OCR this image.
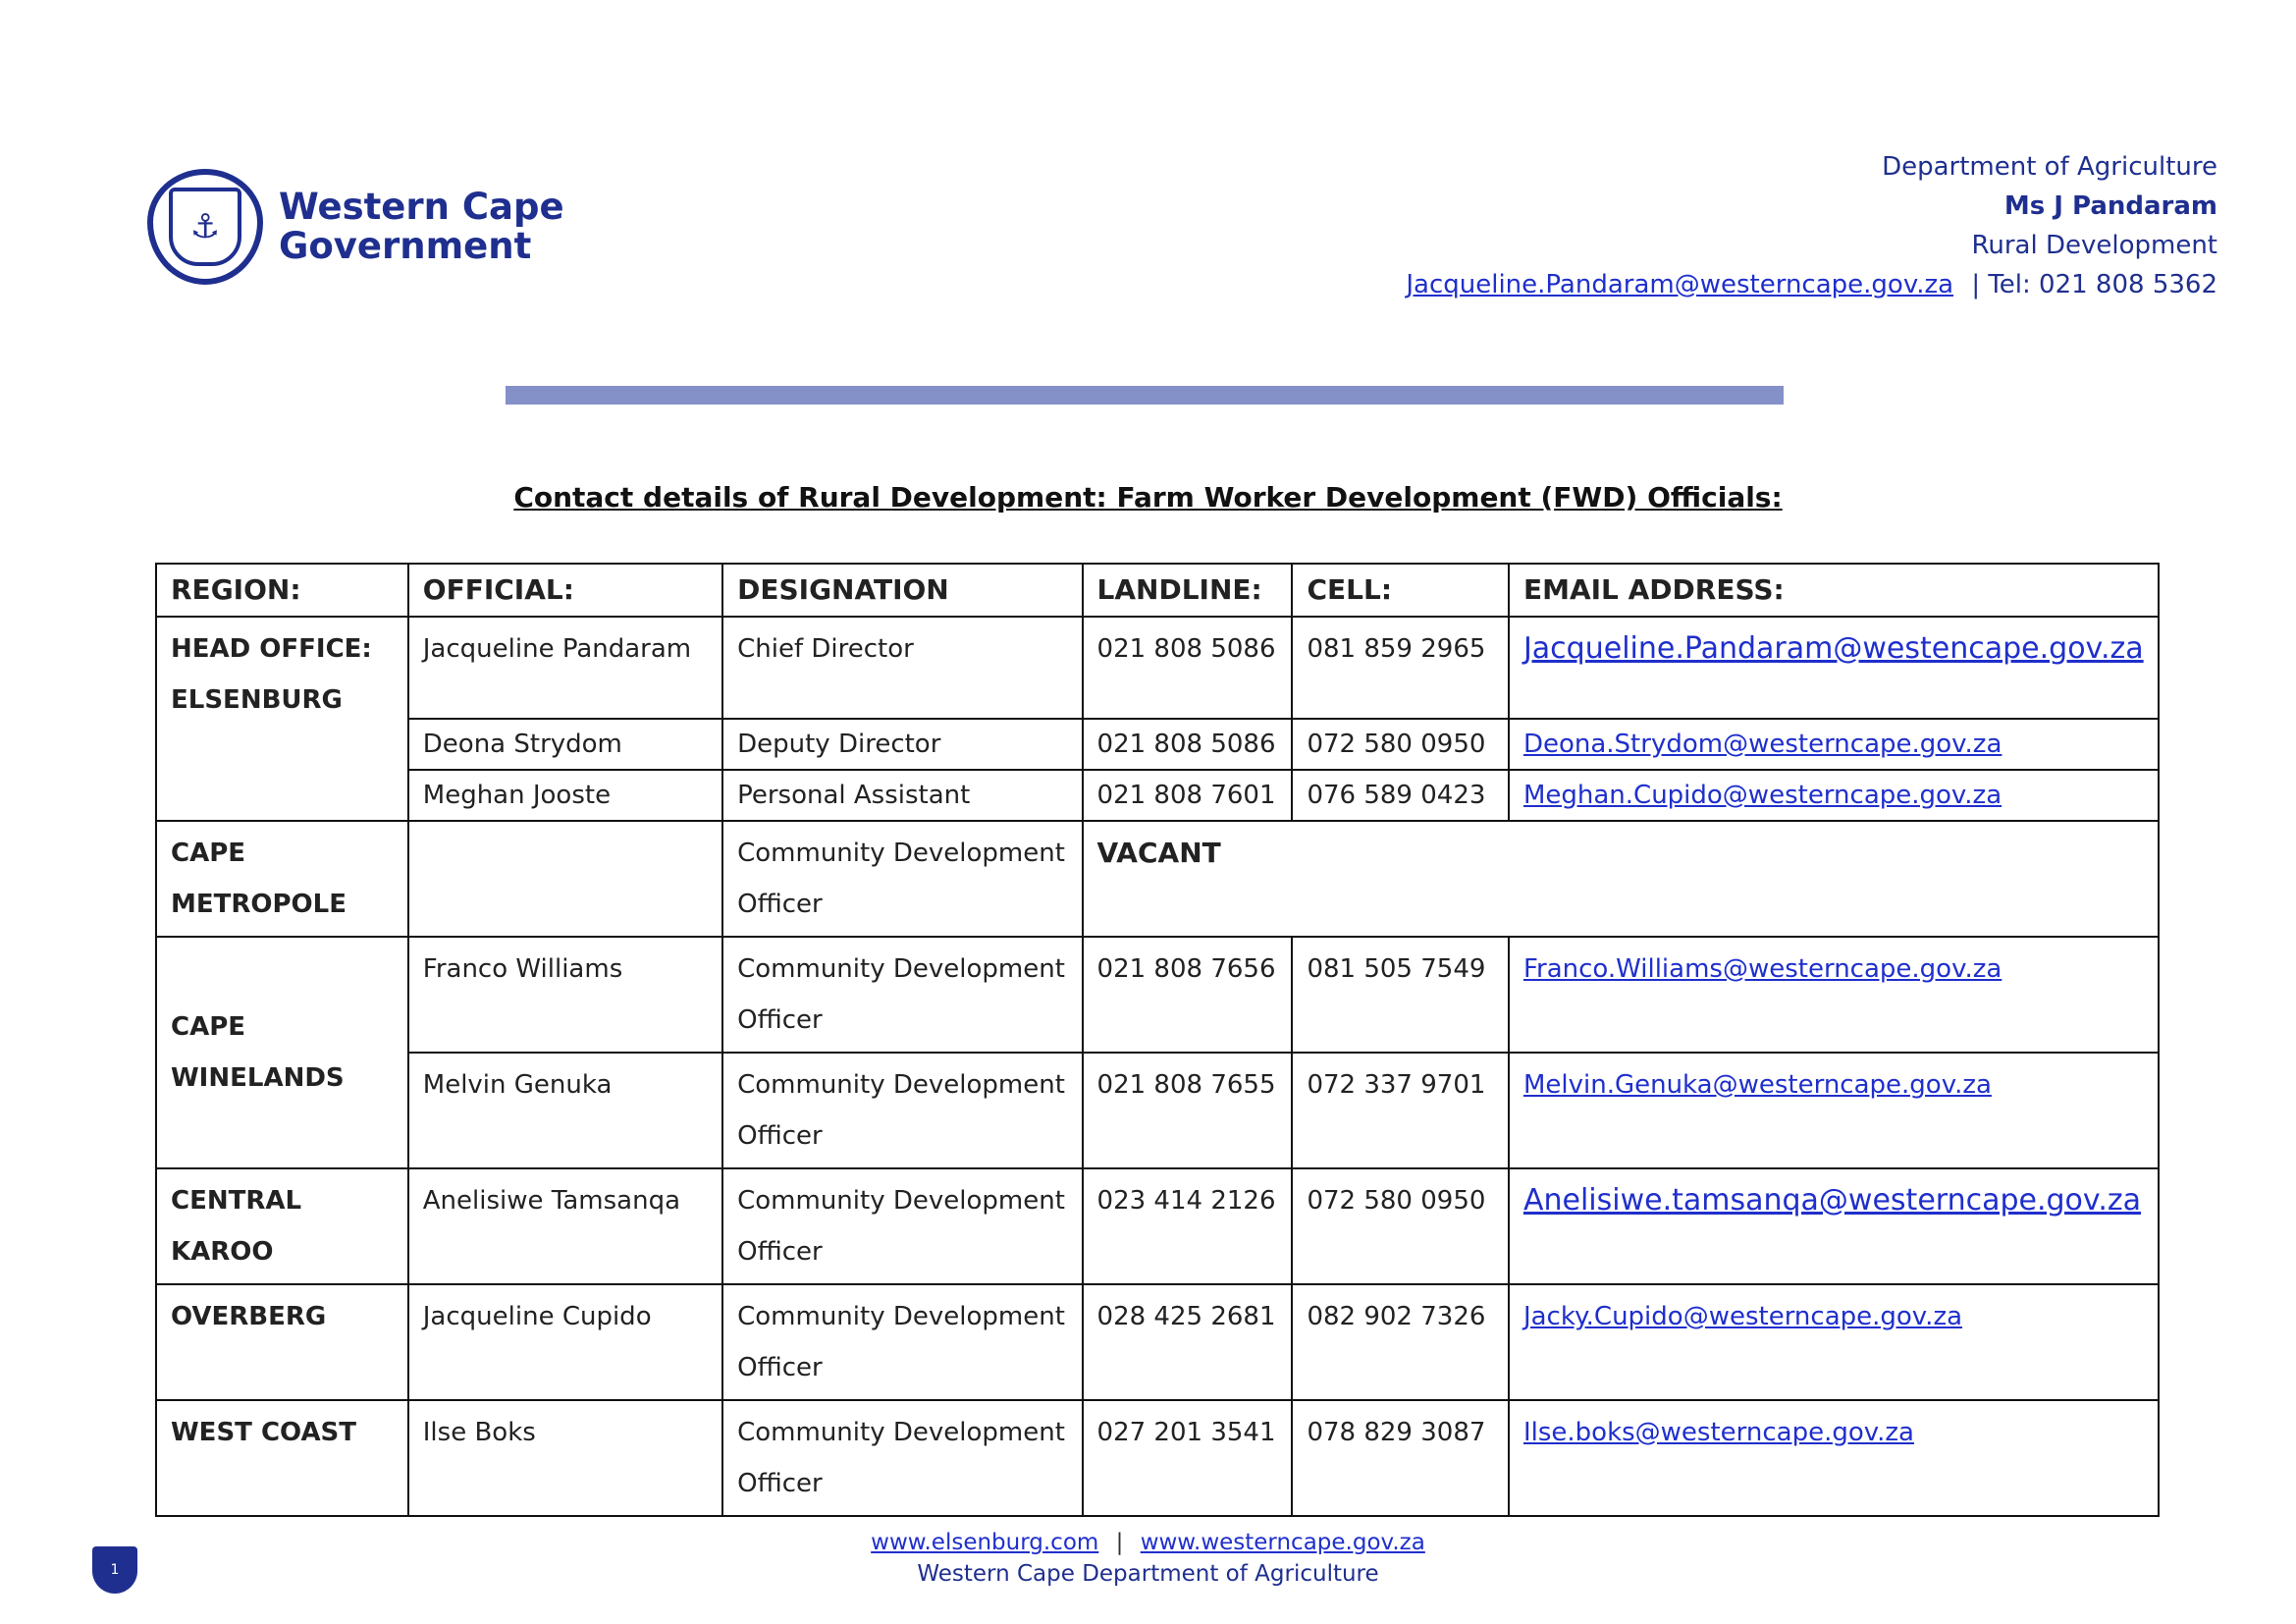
⚓	Western Cape
Government
Department of Agriculture
Ms J Pandaram
Rural Development
Jacqueline.Pandaram@westerncape.gov.za | Tel: 021 808 5362
Contact details of Rural Development: Farm Worker Development (FWD) Officials:
REGION:	OFFICIAL:	DESIGNATION	LANDLINE:	CELL:	EMAIL ADDRESS:

HEAD OFFICE:
ELSENBURG	Jacqueline Pandaram	Chief Director	021 808 5086	081 859 2965	Jacqueline.Pandaram@westencape.gov.za
	Deona Strydom	Deputy Director	021 808 5086	072 580 0950	Deona.Strydom@westerncape.gov.za
	Meghan Jooste	Personal Assistant	021 808 7601	076 589 0423	Meghan.Cupido@westerncape.gov.za

CAPE
METROPOLE		Community Development Officer	VACANT		

CAPE
WINELANDS	Franco Williams	Community Development Officer	021 808 7656	081 505 7549	Franco.Williams@westerncape.gov.za
	Melvin Genuka	Community Development Officer	021 808 7655	072 337 9701	Melvin.Genuka@westerncape.gov.za
CENTRAL KAROO	Anelisiwe Tamsanqa	Community Development Officer	023 414 2126	072 580 0950	Anelisiwe.tamsanqa@westerncape.gov.za
OVERBERG	Jacqueline Cupido	Community Development Officer	028 425 2681	082 902 7326	Jacky.Cupido@westerncape.gov.za
WEST COAST	Ilse Boks	Community Development Officer	027 201 3541	078 829 3087	Ilse.boks@westerncape.gov.za
www.elsenburg.com | www.westerncape.gov.za
Western Cape Department of Agriculture
1
